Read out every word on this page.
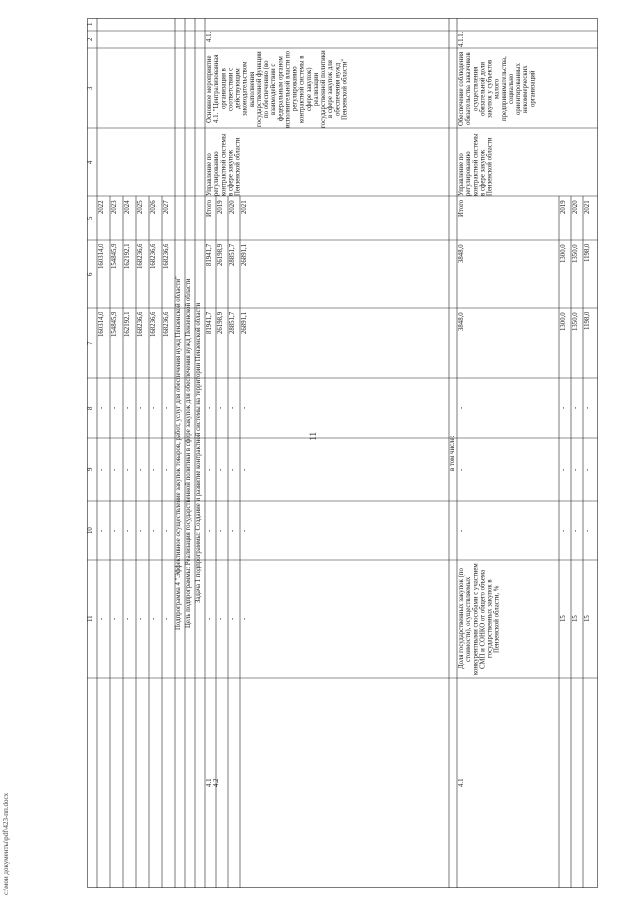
11
c:\мои документы\pdf\423-пп.docx
1
2
3
4
5
6
7
8
9
10
11
2022
160314,0
160314,0
-
-
-
-
2023
154845,9
154845,9
-
-
-
-
2024
162192,1
162192,1
-
-
-
-
2025
168236,6
168236,6
-
-
-
-
2026
168236,6
168236,6
-
-
-
-
2027
168236,6
168236,6
-
-
-
- Подпрограмма 4 "Эффективное осуществление закупок товаров, работ, услуг для обеспечения нужд Пензенской области" Цель подпрограммы: Реализация государственной политики в сфере закупок для обеспечения нужд Пензенской области Задача 1 подпрограммы: Создание и развитие контрактной системы на территории Пензенской области
4.1.
Основное мероприятие 4.1. "Централизованная организация в соответствии с действующим законодательством выполнения государственной функции по обеспечению (во взаимодействии с федеральным органом исполнительной власти по регулированию контрактной системы в сфере закупок) реализации государственной политики в сфере закупок для обеспечения нужд Пензенской области"
Управление по регулированию контрактной системы в сфере закупок Пензенской области
4.1
4.2
Итого
81941,7
81941,7
-
-
-
-
2019
26198,9
26198,9
-
-
-
-
2020
28851,7
28851,7
-
-
-
-
2021
26891,1
26891,1
-
-
-
-
в том числе:
4.1.1.
Обеспечение соблюдения обязательства заказчиков осуществления обязательной доли закупок у субъектов малого предпринимательства, социально ориентированных некоммерческих организаций
Управление по регулированию контрактной системы в сфере закупок Пензенской области
Доля государственных закупок (по стоимости), осуществляемых конкурентными способами с участием СМП и СОНКО от общего объема государственных закупок в Пензенской области, %
4.1
Итого
3848,0
3848,0
-
-
-
2019
1300,0
1300,0
-
-
-
15
2020
1350,0
1350,0
-
-
-
15
2021
1198,0
1198,0
-
-
-
15
